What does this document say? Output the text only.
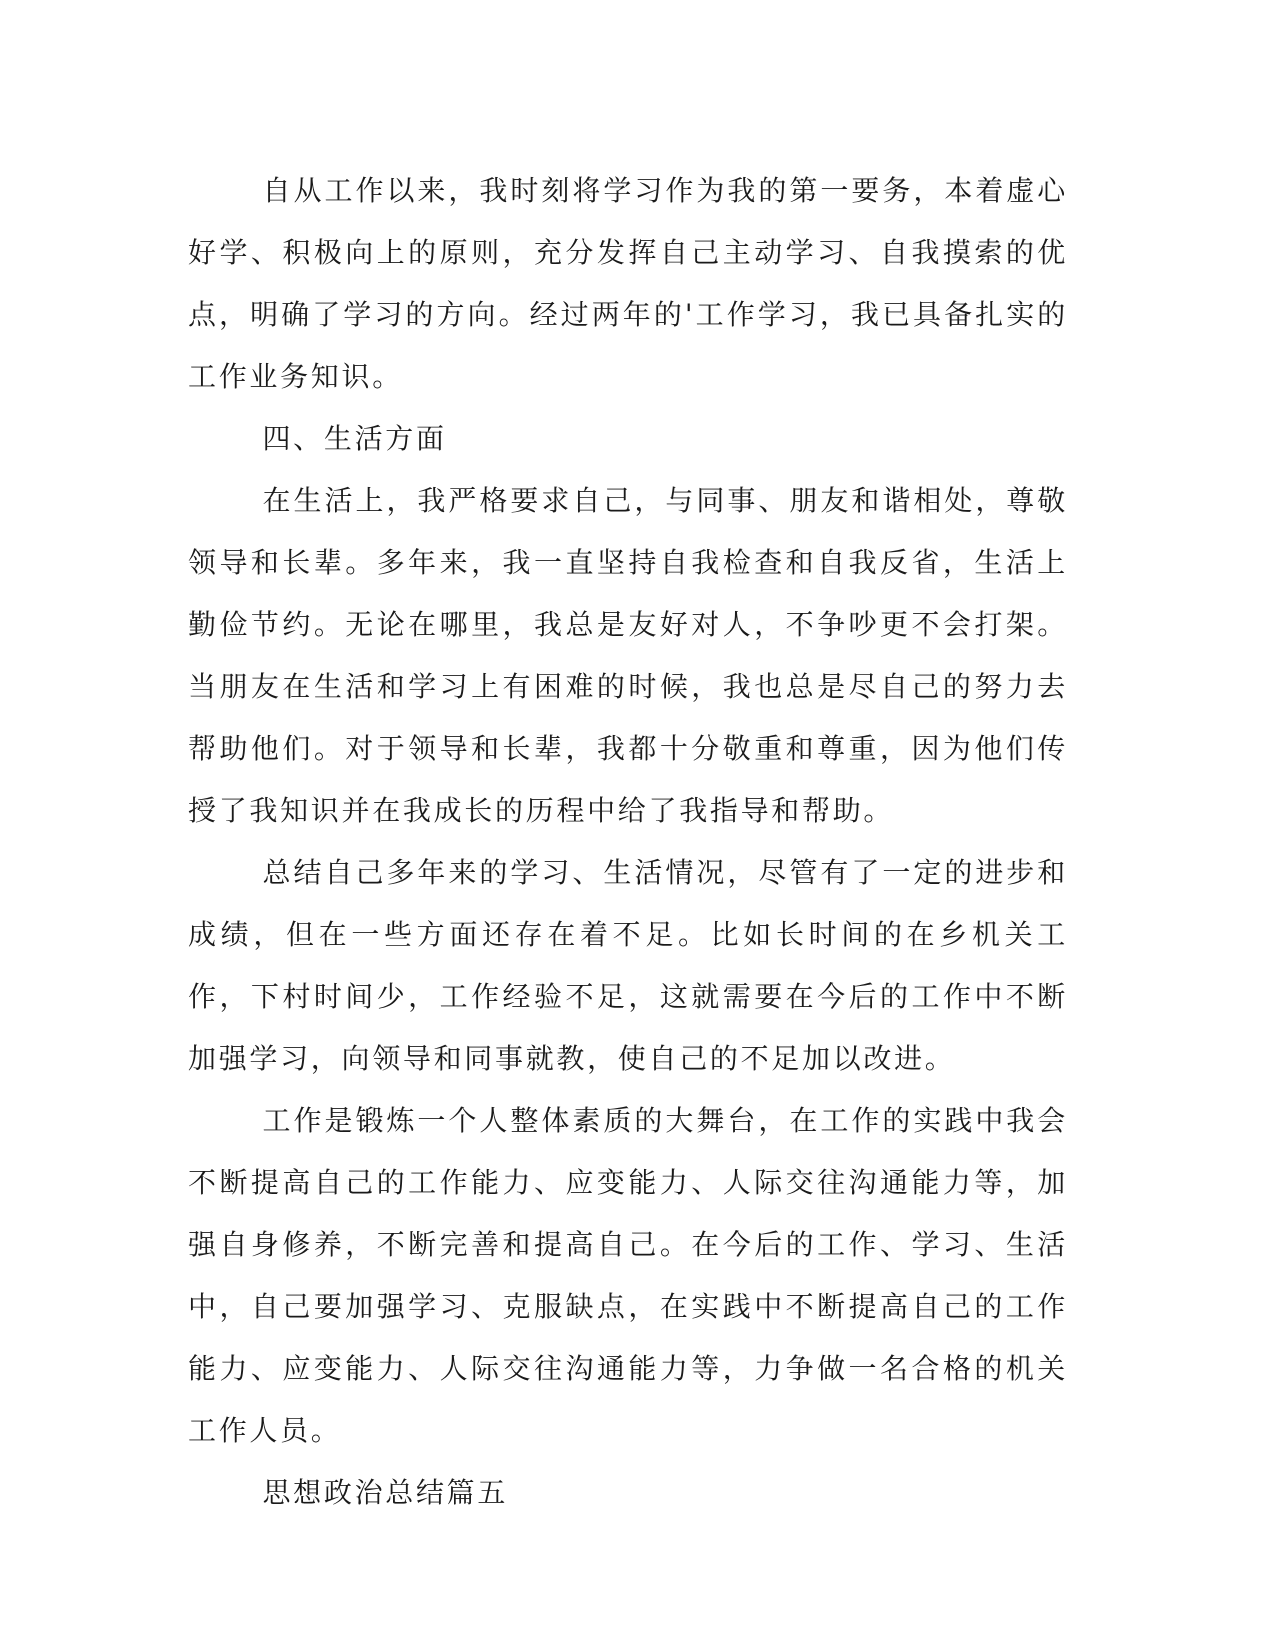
自从工作以来，我时刻将学习作为我的第一要务，本着虚心好学、积极向上的原则，充分发挥自己主动学习、自我摸索的优点，明确了学习的方向。经过两年的'工作学习，我已具备扎实的工作业务知识。

四、生活方面

在生活上，我严格要求自己，与同事、朋友和谐相处，尊敬领导和长辈。多年来，我一直坚持自我检查和自我反省，生活上勤俭节约。无论在哪里，我总是友好对人，不争吵更不会打架。当朋友在生活和学习上有困难的时候，我也总是尽自己的努力去帮助他们。对于领导和长辈，我都十分敬重和尊重，因为他们传授了我知识并在我成长的历程中给了我指导和帮助。

总结自己多年来的学习、生活情况，尽管有了一定的进步和成绩，但在一些方面还存在着不足。比如长时间的在乡机关工作，下村时间少，工作经验不足，这就需要在今后的工作中不断加强学习，向领导和同事就教，使自己的不足加以改进。

工作是锻炼一个人整体素质的大舞台，在工作的实践中我会不断提高自己的工作能力、应变能力、人际交往沟通能力等，加强自身修养，不断完善和提高自己。在今后的工作、学习、生活中，自己要加强学习、克服缺点，在实践中不断提高自己的工作能力、应变能力、人际交往沟通能力等，力争做一名合格的机关工作人员。

思想政治总结篇五
